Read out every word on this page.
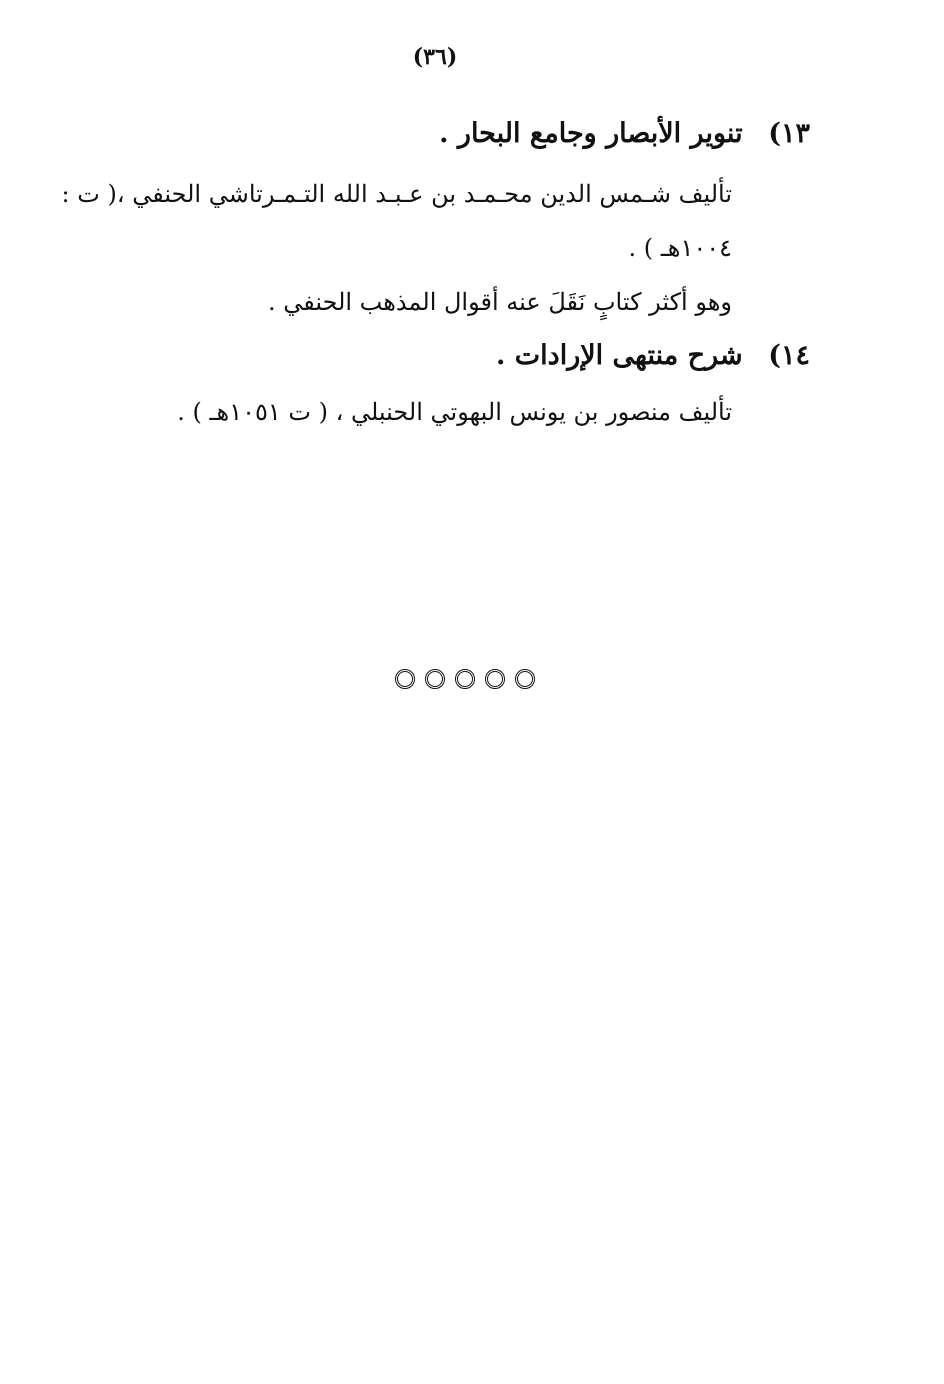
(٣٦)
١٣) تنوير الأبصار وجامع البحار .
تأليف شـمس الدين محـمـد بن عـبـد الله التـمـرتاشي الحنفي ،( ت :
١٠٠٤هـ ) .
وهو أكثر كتابٍ نَقَلَ عنه أقوال المذهب الحنفي .
١٤) شرح منتهى الإرادات .
تأليف منصور بن يونس البهوتي الحنبلي ، ( ت ١٠٥١هـ ) .
